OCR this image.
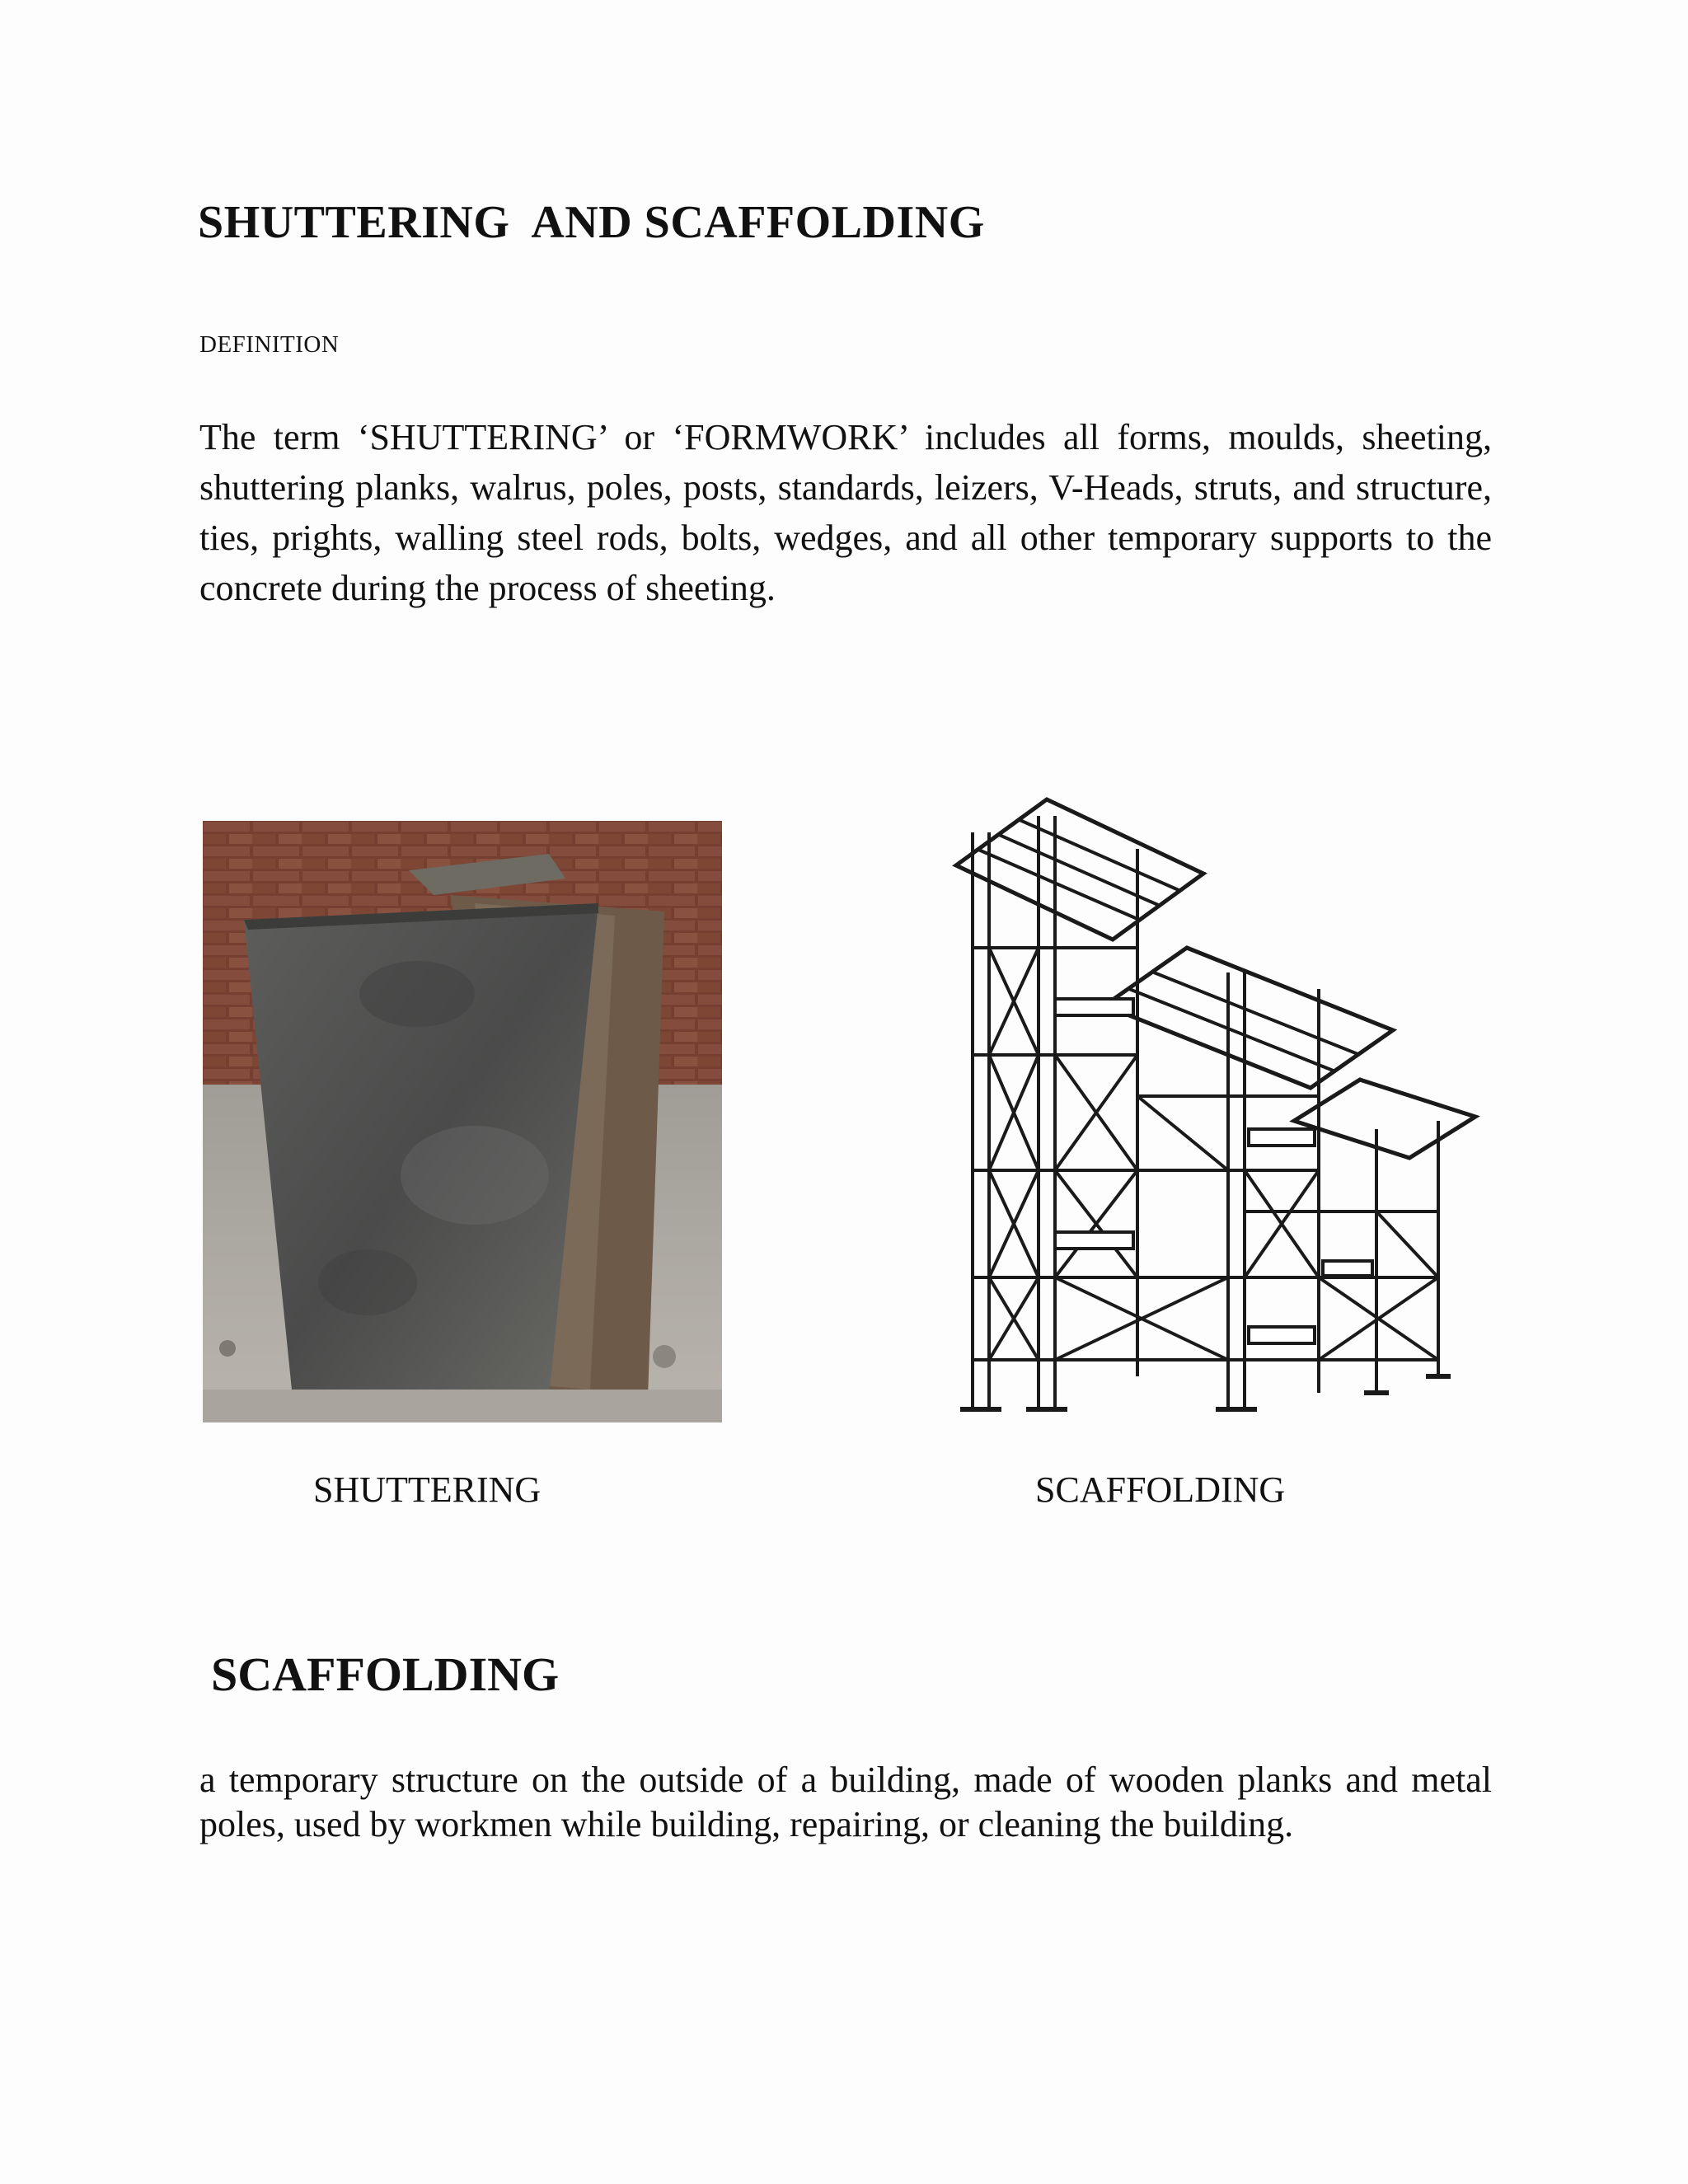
SHUTTERING  AND SCAFFOLDING
DEFINITION
The term ‘SHUTTERING’ or ‘FORMWORK’ includes all forms, moulds, sheeting, shuttering planks, walrus, poles, posts, standards, leizers, V-Heads, struts, and structure, ties, prights, walling steel rods, bolts, wedges, and all other temporary supports to the concrete during the process of sheeting.
SHUTTERING	SCAFFOLDING
SCAFFOLDING
a temporary structure on the outside of a building, made of wooden planks and metal poles, used by workmen while building, repairing, or cleaning the building.
